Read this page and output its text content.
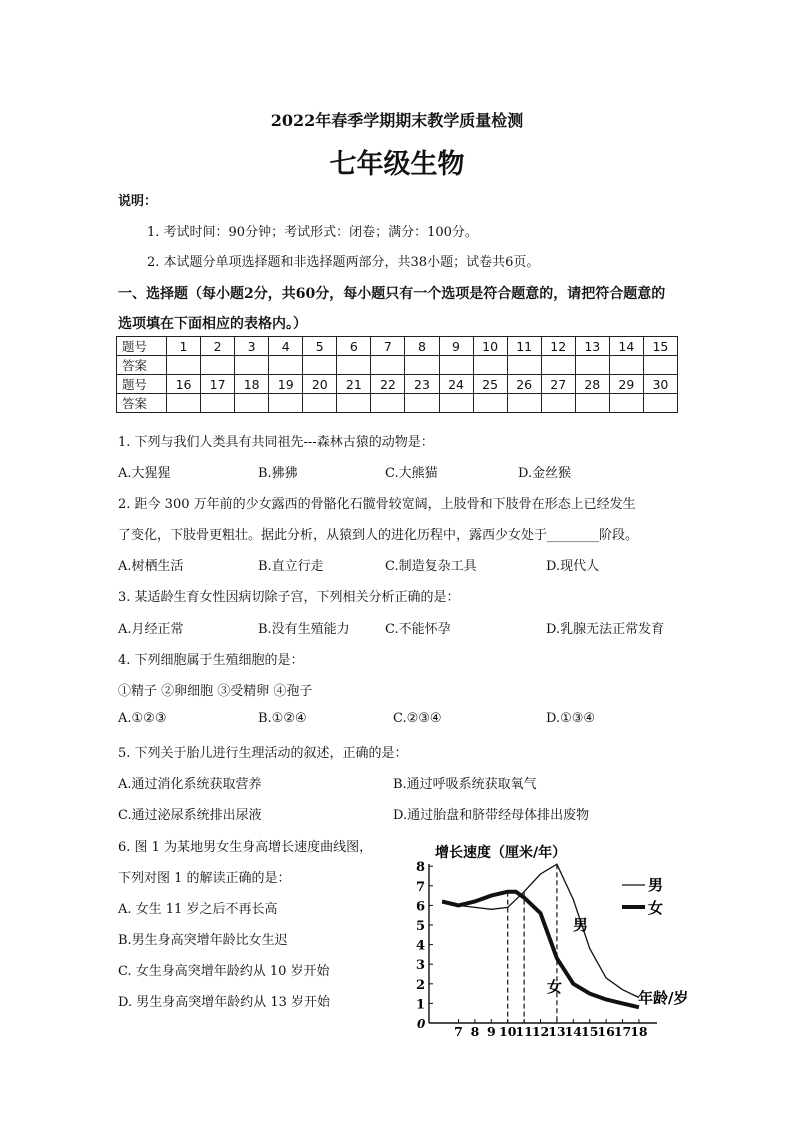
2022年春季学期期末教学质量检测
七年级生物
说明：
1. 考试时间：90分钟；考试形式：闭卷；满分：100分。
2. 本试题分单项选择题和非选择题两部分，共38小题；试卷共6页。
一、选择题（每小题2分，共60分，每小题只有一个选项是符合题意的，请把符合题意的
选项填在下面相应的表格内。）
题号	1	2	3	4	5	6	7	8	9	10	11	12	13	14	15
答案															
题号	16	17	18	19	20	21	22	23	24	25	26	27	28	29	30
答案															
1. 下列与我们人类具有共同祖先---森林古猿的动物是：
A.大猩猩	B.狒狒	C.大熊猫	D.金丝猴
2. 距今 300 万年前的少女露西的骨骼化石髋骨较宽阔，上肢骨和下肢骨在形态上已经发生
了变化，下肢骨更粗壮。据此分析，从猿到人的进化历程中，露西少女处于________阶段。
A.树栖生活	B.直立行走	C.制造复杂工具	D.现代人
3. 某适龄生育女性因病切除子宫，下列相关分析正确的是：
A.月经正常	B.没有生殖能力	C.不能怀孕	D.乳腺无法正常发育
4. 下列细胞属于生殖细胞的是：
①精子 ②卵细胞 ③受精卵 ④孢子
A.①②③	B.①②④	C.②③④	D.①③④
5. 下列关于胎儿进行生理活动的叙述，正确的是：
A.通过消化系统获取营养	B.通过呼吸系统获取氧气
C.通过泌尿系统排出尿液	D.通过胎盘和脐带经母体排出废物
6. 图 1 为某地男女生身高增长速度曲线图，
下列对图 1 的解读正确的是：
A. 女生 11 岁之后不再长高
B.男生身高突增年龄比女生迟
C. 女生身高突增年龄约从 10 岁开始
D. 男生身高突增年龄约从 13 岁开始
增长速度（厘米/年）
0
1
2
3
4
5
6
7
8
7 8 9 10
11
12
13
14
15
16
17
18
男
女
男
女
年龄/岁
